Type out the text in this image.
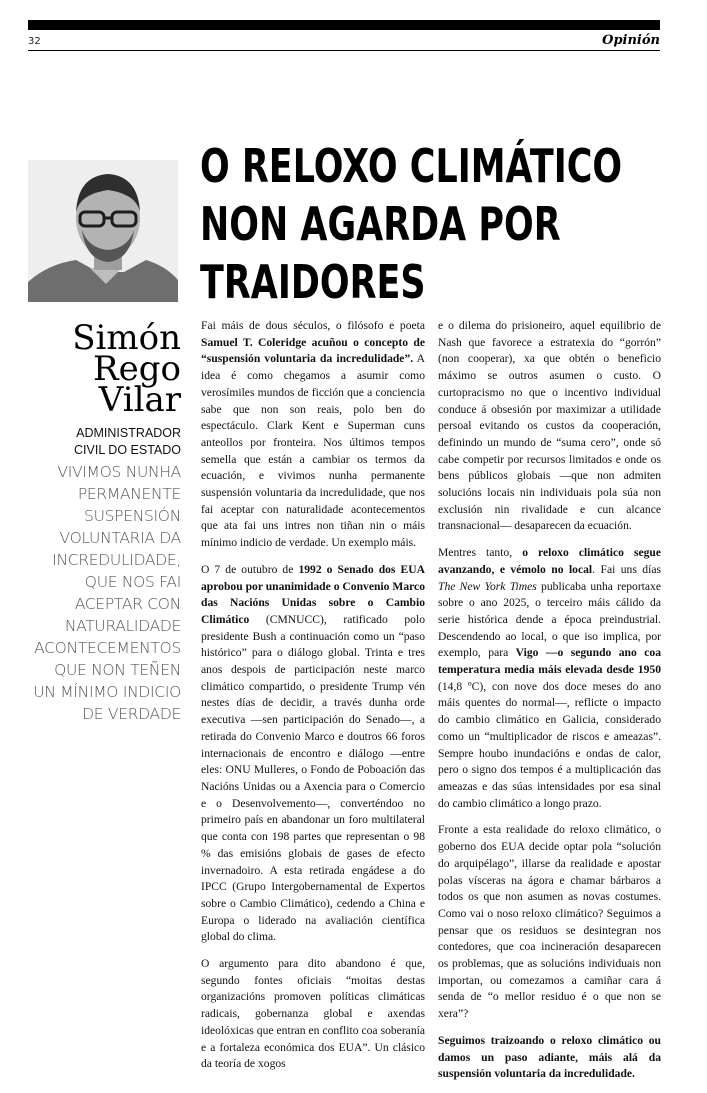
32	Opinión
O RELOXO CLIMÁTICO
NON AGARDA POR
TRAIDORES
Simón
Rego
Vilar
ADMINISTRADOR
CIVIL DO ESTADO
VIVIMOS NUNHA
PERMANENTE
SUSPENSIÓN
VOLUNTARIA DA
INCREDULIDADE,
QUE NOS FAI
ACEPTAR CON
NATURALIDADE
ACONTECEMENTOS
QUE NON TEÑEN
UN MÍNIMO INDICIO
DE VERDADE

Fai máis de dous séculos, o filósofo e poeta Samuel T. Coleridge acuñou o concepto de “suspensión voluntaria da incredulidade”. A idea é como chegamos a asumir como verosímiles mundos de ficción que a conciencia sabe que non son reais, polo ben do espectáculo. Clark Kent e Superman cuns anteollos por fronteira. Nos últimos tempos semella que están a cambiar os termos da ecuación, e vivimos nunha permanente suspensión voluntaria da incredulidade, que nos fai aceptar con naturalidade acontecementos que ata fai uns intres non tiñan nin o máis mínimo indicio de verdade. Un exemplo máis.

O 7 de outubro de 1992 o Senado dos EUA aprobou por unanimidade o Convenio Marco das Nacións Unidas sobre o Cambio Climático (CMNUCC), ratificado polo presidente Bush a continuación como un “paso histórico” para o diálogo global. Trinta e tres anos despois de participación neste marco climático compartido, o presidente Trump vén nestes días de decidir, a través dunha orde executiva —sen participación do Senado—, a retirada do Convenio Marco e doutros 66 foros internacionais de encontro e diálogo —entre eles: ONU Mulleres, o Fondo de Poboación das Nacións Unidas ou a Axencia para o Comercio e o Desenvolvemento—, converténdoo no primeiro país en abandonar un foro multilateral que conta con 198 partes que representan o 98 % das emisións globais de gases de efecto invernadoiro. A esta retirada engádese a do IPCC (Grupo Intergobernamental de Expertos sobre o Cambio Climático), cedendo a China e Europa o liderado na avaliación científica global do clima.

O argumento para dito abandono é que, segundo fontes oficiais “moitas destas organizacións promoven políticas climáticas radicais, gobernanza global e axendas ideolóxicas que entran en conflito coa soberanía e a fortaleza económica dos EUA”. Un clásico da teoría de xogos

e o dilema do prisioneiro, aquel equilibrio de Nash que favorece a estratexia do “gorrón” (non cooperar), xa que obtén o beneficio máximo se outros asumen o custo. O curtopracismo no que o incentivo individual conduce á obsesión por maximizar a utilidade persoal evitando os custos da cooperación, definindo un mundo de “suma cero”, onde só cabe competir por recursos limitados e onde os bens públicos globais —que non admiten solucións locais nin individuais pola súa non exclusión nin rivalidade e cun alcance transnacional— desaparecen da ecuación.

Mentres tanto, o reloxo climático segue avanzando, e vémolo no local. Fai uns días The New York Times publicaba unha reportaxe sobre o ano 2025, o terceiro máis cálido da serie histórica dende a época preindustrial. Descendendo ao local, o que iso implica, por exemplo, para Vigo —o segundo ano coa temperatura media máis elevada desde 1950 (14,8 ºC), con nove dos doce meses do ano máis quentes do normal—, reflicte o impacto do cambio climático en Galicia, considerado como un “multiplicador de riscos e ameazas”. Sempre houbo inundacións e ondas de calor, pero o signo dos tempos é a multiplicación das ameazas e das súas intensidades por esa sinal do cambio climático a longo prazo.

Fronte a esta realidade do reloxo climático, o goberno dos EUA decide optar pola “solución do arquipélago”, illarse da realidade e apostar polas vísceras na ágora e chamar bárbaros a todos os que non asumen as novas costumes. Como vai o noso reloxo climático? Seguimos a pensar que os residuos se desintegran nos contedores, que coa incineración desaparecen os problemas, que as solucións individuais non importan, ou comezamos a camiñar cara á senda de “o mellor residuo é o que non se xera”?

Seguimos traizoando o reloxo climático ou damos un paso adiante, máis alá da suspensión voluntaria da incredulidade.
